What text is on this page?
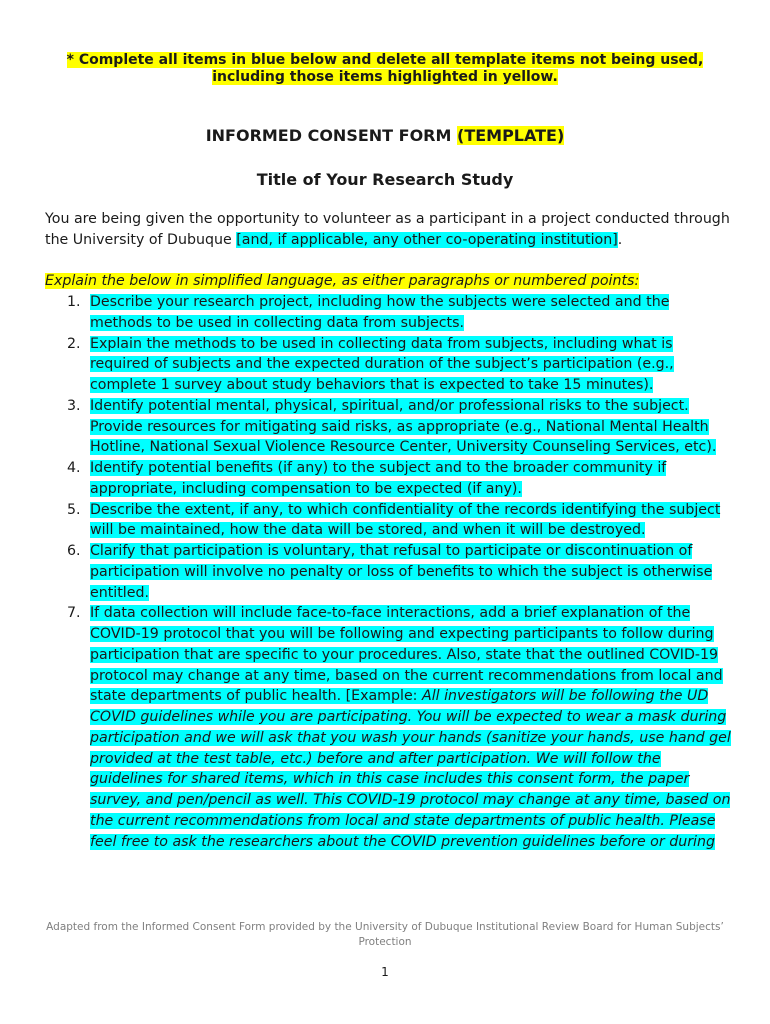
* Complete all items in blue below and delete all template items not being used,
including those items highlighted in yellow.
INFORMED CONSENT FORM (TEMPLATE)
Title of Your Research Study
You are being given the opportunity to volunteer as a participant in a project conducted through the University of Dubuque [and, if applicable, any other co-operating institution].
Explain the below in simplified language, as either paragraphs or numbered points:
1. Describe your research project, including how the subjects were selected and the methods to be used in collecting data from subjects.
2. Explain the methods to be used in collecting data from subjects, including what is required of subjects and the expected duration of the subject’s participation (e.g., complete 1 survey about study behaviors that is expected to take 15 minutes).
3. Identify potential mental, physical, spiritual, and/or professional risks to the subject. Provide resources for mitigating said risks, as appropriate (e.g., National Mental Health Hotline, National Sexual Violence Resource Center, University Counseling Services, etc).
4. Identify potential benefits (if any) to the subject and to the broader community if appropriate, including compensation to be expected (if any).
5. Describe the extent, if any, to which confidentiality of the records identifying the subject will be maintained, how the data will be stored, and when it will be destroyed.
6. Clarify that participation is voluntary, that refusal to participate or discontinuation of participation will involve no penalty or loss of benefits to which the subject is otherwise entitled.
7. If data collection will include face-to-face interactions, add a brief explanation of the COVID-19 protocol that you will be following and expecting participants to follow during participation that are specific to your procedures. Also, state that the outlined COVID-19 protocol may change at any time, based on the current recommendations from local and state departments of public health. [Example: All investigators will be following the UD COVID guidelines while you are participating. You will be expected to wear a mask during participation and we will ask that you wash your hands (sanitize your hands, use hand gel provided at the test table, etc.) before and after participation. We will follow the guidelines for shared items, which in this case includes this consent form, the paper survey, and pen/pencil as well. This COVID-19 protocol may change at any time, based on the current recommendations from local and state departments of public health. Please feel free to ask the researchers about the COVID prevention guidelines before or during
Adapted from the Informed Consent Form provided by the University of Dubuque Institutional Review Board for Human Subjects’ Protection
1
